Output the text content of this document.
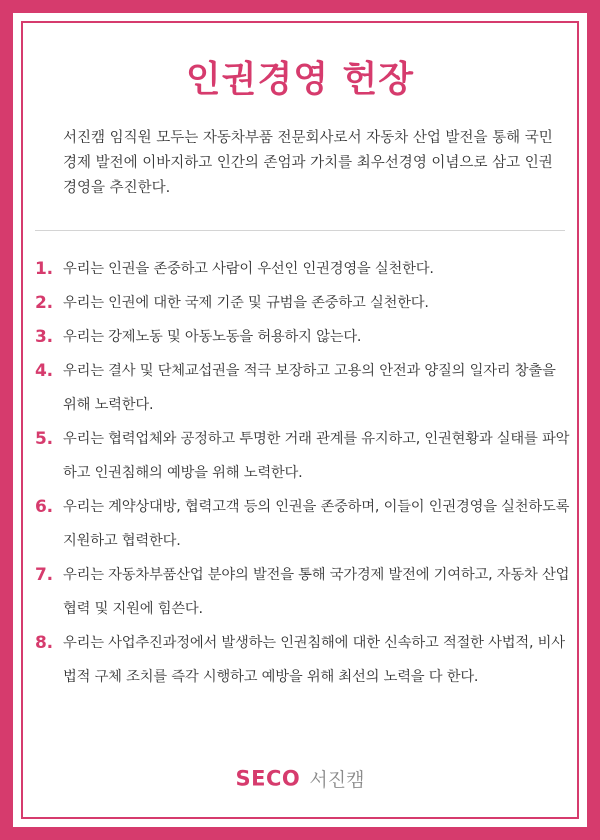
인권경영 헌장

서진캠 임직원 모두는 자동차부품 전문회사로서 자동차 산업 발전을 통해 국민경제 발전에 이바지하고 인간의 존엄과 가치를 최우선경영 이념으로 삼고 인권경영을 추진한다.

1. 우리는 인권을 존중하고 사람이 우선인 인권경영을 실천한다.
2. 우리는 인권에 대한 국제 기준 및 규범을 존중하고 실천한다.
3. 우리는 강제노동 및 아동노동을 허용하지 않는다.
4. 우리는 결사 및 단체교섭권을 적극 보장하고 고용의 안전과 양질의 일자리 창출을 위해 노력한다.
5. 우리는 협력업체와 공정하고 투명한 거래 관계를 유지하고, 인권현황과 실태를 파악하고 인권침해의 예방을 위해 노력한다.
6. 우리는 계약상대방, 협력고객 등의 인권을 존중하며, 이들이 인권경영을 실천하도록 지원하고 협력한다.
7. 우리는 자동차부품산업 분야의 발전을 통해 국가경제 발전에 기여하고, 자동차 산업협력 및 지원에 힘쓴다.
8. 우리는 사업추진과정에서 발생하는 인권침해에 대한 신속하고 적절한 사법적, 비사법적 구체 조치를 즉각 시행하고 예방을 위해 최선의 노력을 다 한다.
SECO 서진캠
